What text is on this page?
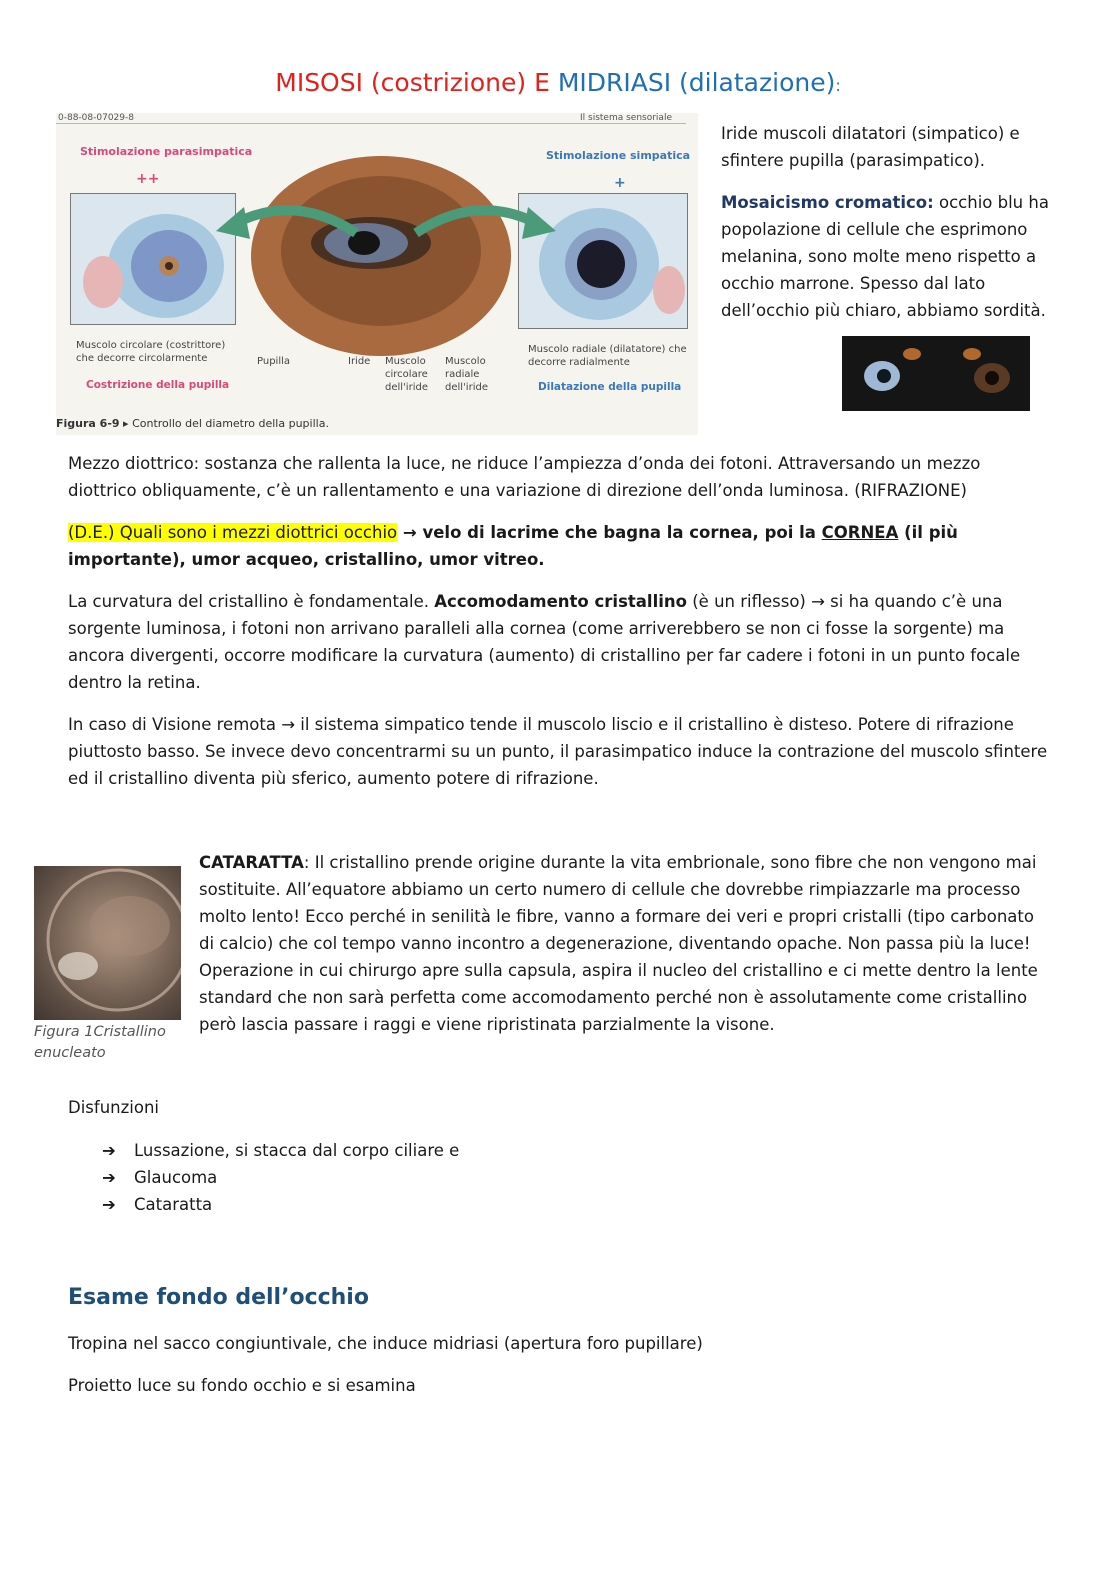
MISOSI (costrizione) E MIDRIASI (dilatazione):
0-88-08-07029-8	Il sistema sensoriale
Stimolazione parasimpatica
++
Stimolazione simpatica
+
Muscolo circolare (costrittore) che decorre circolarmente
Costrizione della pupilla
Pupilla	Iride Muscolo circolare dell'iride
Muscolo radiale dell'iride
Muscolo radiale (dilatatore) che decorre radialmente
Dilatazione della pupilla
Figura 6-9 ▸ Controllo del diametro della pupilla.

Iride muscoli dilatatori (simpatico) e sfintere pupilla (parasimpatico).

Mosaicismo cromatico: occhio blu ha popolazione di cellule che esprimono melanina, sono molte meno rispetto a occhio marrone. Spesso dal lato dell’occhio più chiaro, abbiamo sordità.

Mezzo diottrico: sostanza che rallenta la luce, ne riduce l’ampiezza d’onda dei fotoni. Attraversando un mezzo diottrico obliquamente, c’è un rallentamento e una variazione di direzione dell’onda luminosa. (RIFRAZIONE)

(D.E.) Quali sono i mezzi diottrici occhio → velo di lacrime che bagna la cornea, poi la CORNEA (il più importante), umor acqueo, cristallino, umor vitreo.

La curvatura del cristallino è fondamentale. Accomodamento cristallino (è un riflesso) → si ha quando c’è una sorgente luminosa, i fotoni non arrivano paralleli alla cornea (come arriverebbero se non ci fosse la sorgente) ma ancora divergenti, occorre modificare la curvatura (aumento) di cristallino per far cadere i fotoni in un punto focale dentro la retina.

In caso di Visione remota → il sistema simpatico tende il muscolo liscio e il cristallino è disteso. Potere di rifrazione piuttosto basso. Se invece devo concentrarmi su un punto, il parasimpatico induce la contrazione del muscolo sfintere ed il cristallino diventa più sferico, aumento potere di rifrazione.

Figura 1Cristallino enucleato

CATARATTA: Il cristallino prende origine durante la vita embrionale, sono fibre che non vengono mai sostituite. All’equatore abbiamo un certo numero di cellule che dovrebbe rimpiazzarle ma processo molto lento! Ecco perché in senilità le fibre, vanno a formare dei veri e propri cristalli (tipo carbonato di calcio) che col tempo vanno incontro a degenerazione, diventando opache. Non passa più la luce! Operazione in cui chirurgo apre sulla capsula, aspira il nucleo del cristallino e ci mette dentro la lente standard che non sarà perfetta come accomodamento perché non è assolutamente come cristallino però lascia passare i raggi e viene ripristinata parzialmente la visone.

Disfunzioni

➔ Lussazione, si stacca dal corpo ciliare e
➔ Glaucoma
➔ Cataratta
Esame fondo dell’occhio

Tropina nel sacco congiuntivale, che induce midriasi (apertura foro pupillare)

Proietto luce su fondo occhio e si esamina
